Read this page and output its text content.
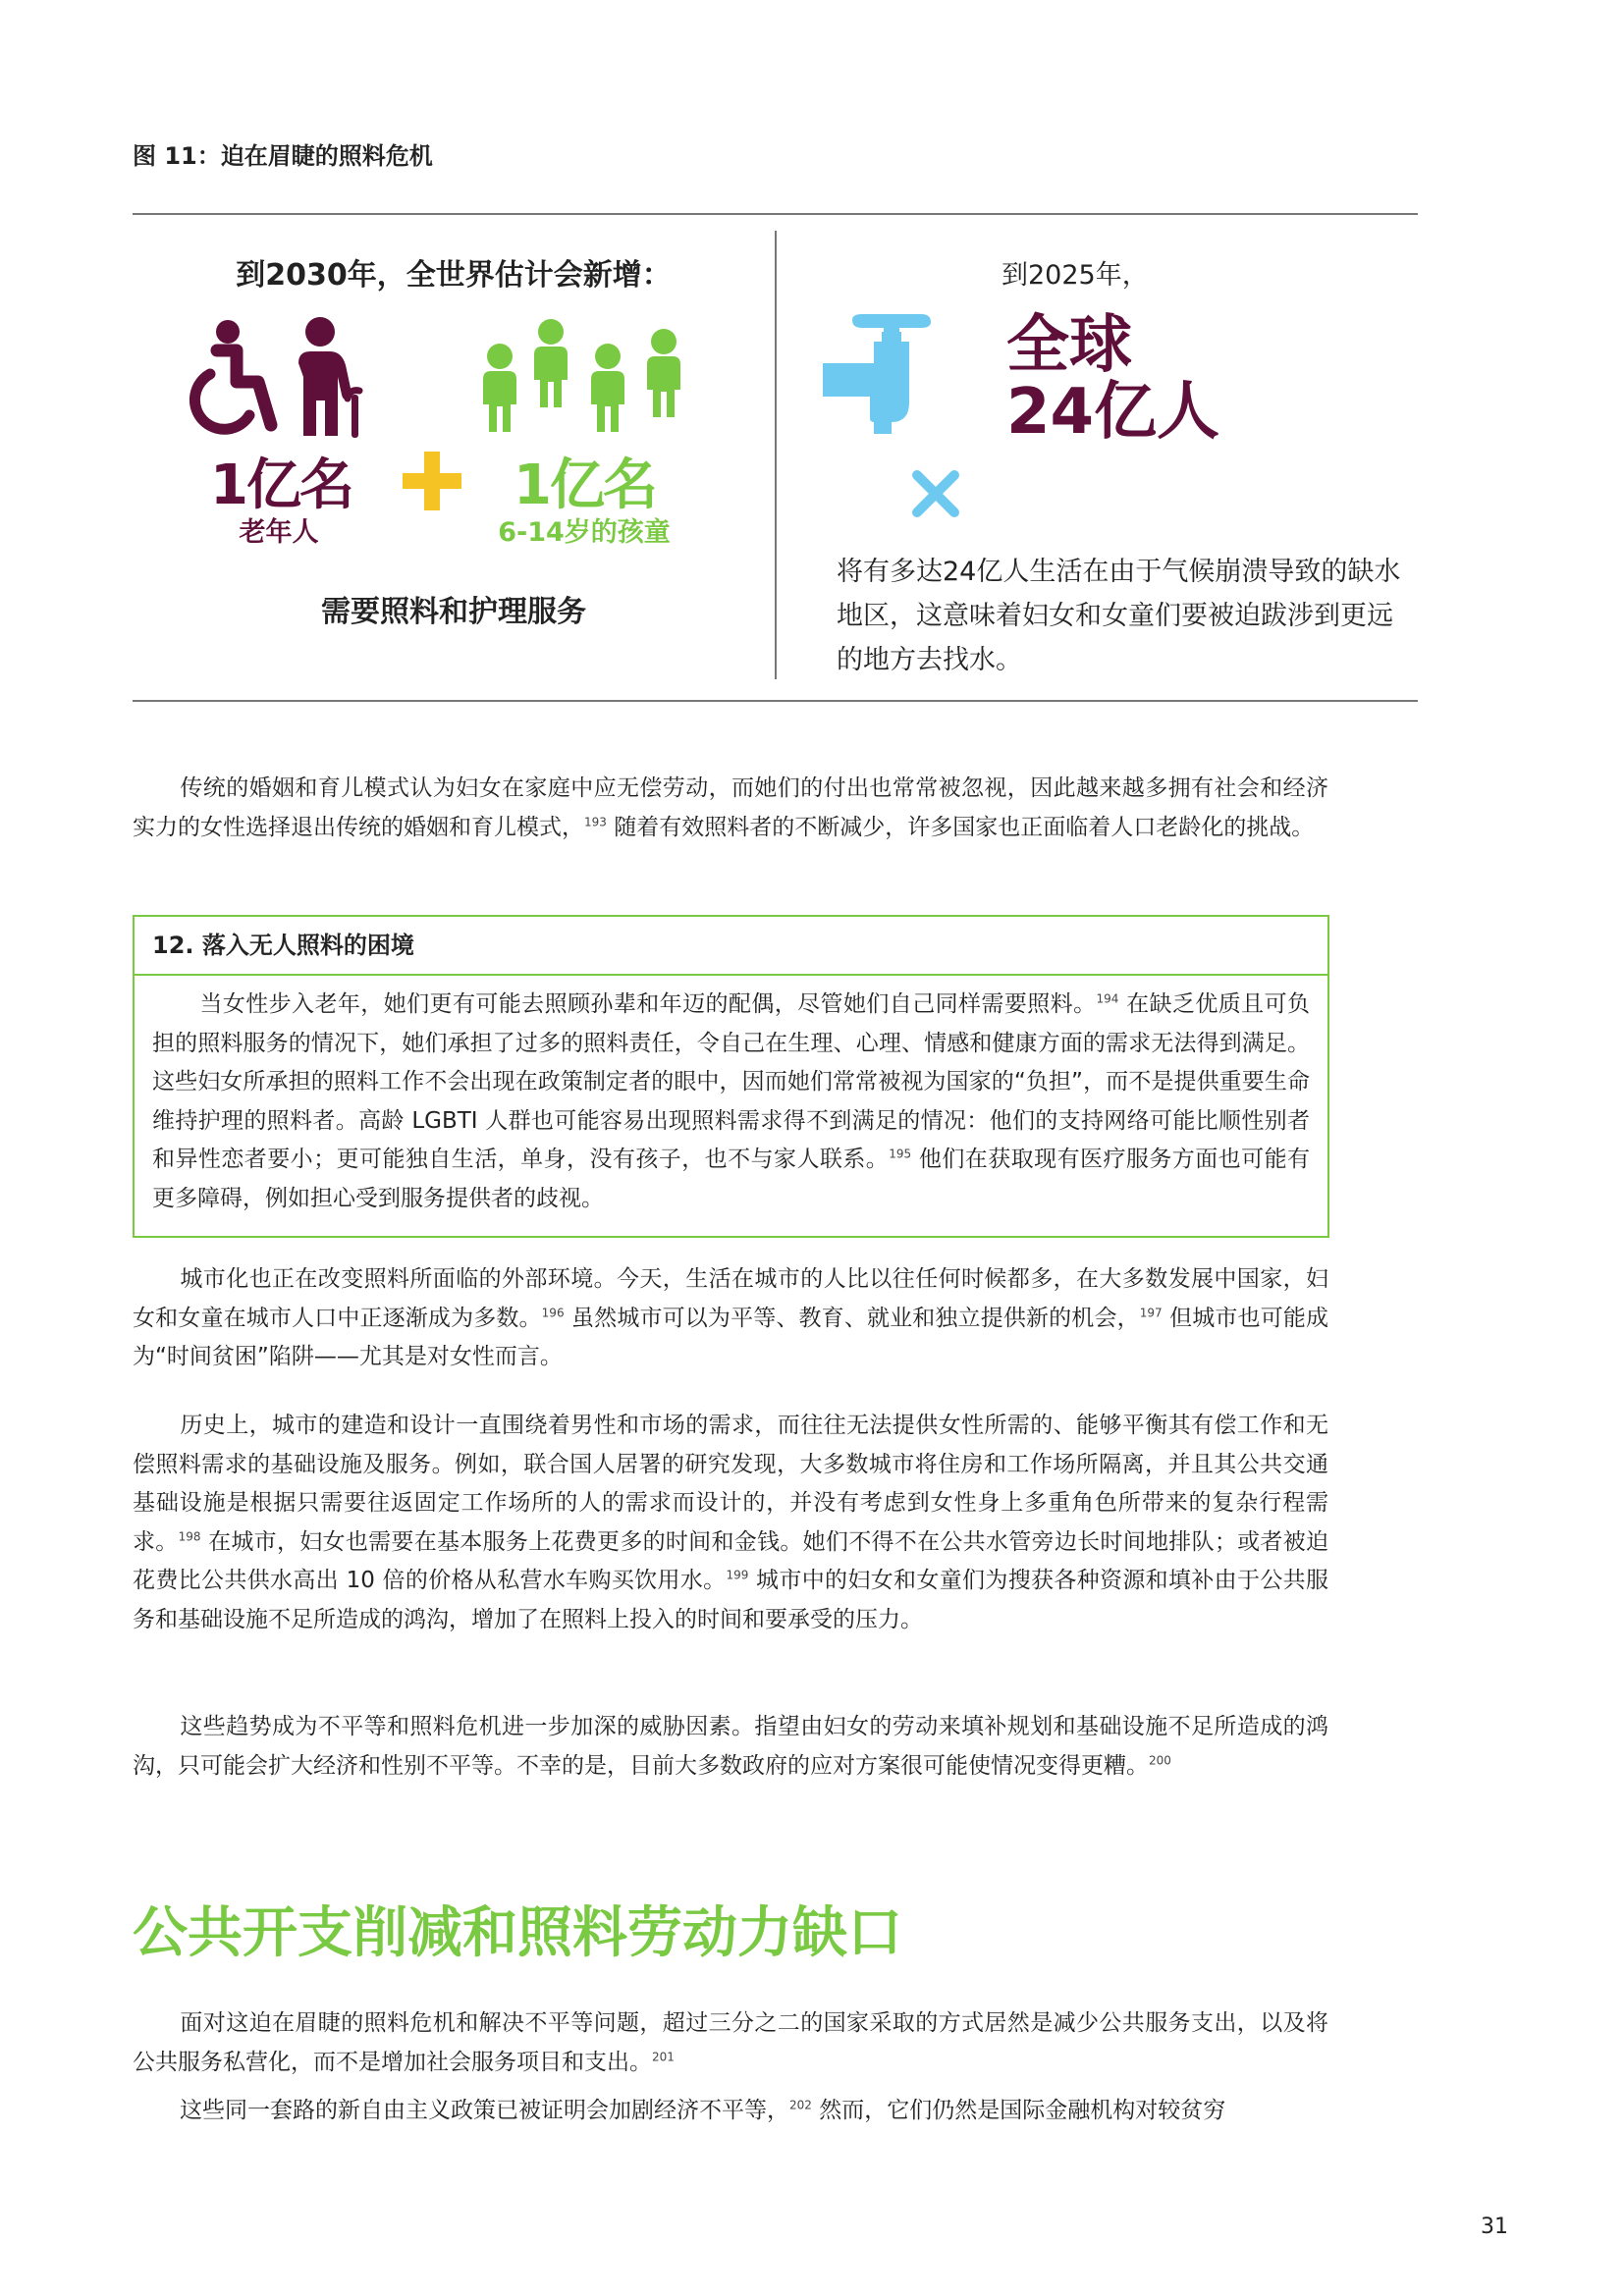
图 11：迫在眉睫的照料危机
到2030年，全世界估计会新增：
1亿名
老年人
1亿名
6-14岁的孩童
需要照料和护理服务
到2025年，
全球
24亿人
将有多达24亿人生活在由于气候崩溃导致的缺水地区，这意味着妇女和女童们要被迫跋涉到更远的地方去找水。
传统的婚姻和育儿模式认为妇女在家庭中应无偿劳动，而她们的付出也常常被忽视，因此越来越多拥有社会和经济实力的女性选择退出传统的婚姻和育儿模式，$^{193}$ 随着有效照料者的不断减少，许多国家也正面临着人口老龄化的挑战。
12. 落入无人照料的困境
当女性步入老年，她们更有可能去照顾孙辈和年迈的配偶，尽管她们自己同样需要照料。$^{194}$ 在缺乏优质且可负担的照料服务的情况下，她们承担了过多的照料责任，令自己在生理、心理、情感和健康方面的需求无法得到满足。这些妇女所承担的照料工作不会出现在政策制定者的眼中，因而她们常常被视为国家的“负担”，而不是提供重要生命维持护理的照料者。高龄 LGBTI 人群也可能容易出现照料需求得不到满足的情况：他们的支持网络可能比顺性别者和异性恋者要小；更可能独自生活，单身，没有孩子，也不与家人联系。$^{195}$ 他们在获取现有医疗服务方面也可能有更多障碍，例如担心受到服务提供者的歧视。
城市化也正在改变照料所面临的外部环境。今天，生活在城市的人比以往任何时候都多，在大多数发展中国家，妇女和女童在城市人口中正逐渐成为多数。$^{196}$ 虽然城市可以为平等、教育、就业和独立提供新的机会，$^{197}$ 但城市也可能成为“时间贫困”陷阱——尤其是对女性而言。
历史上，城市的建造和设计一直围绕着男性和市场的需求，而往往无法提供女性所需的、能够平衡其有偿工作和无偿照料需求的基础设施及服务。例如，联合国人居署的研究发现，大多数城市将住房和工作场所隔离，并且其公共交通基础设施是根据只需要往返固定工作场所的人的需求而设计的，并没有考虑到女性身上多重角色所带来的复杂行程需求。$^{198}$ 在城市，妇女也需要在基本服务上花费更多的时间和金钱。她们不得不在公共水管旁边长时间地排队；或者被迫花费比公共供水高出 10 倍的价格从私营水车购买饮用水。$^{199}$ 城市中的妇女和女童们为搜获各种资源和填补由于公共服务和基础设施不足所造成的鸿沟，增加了在照料上投入的时间和要承受的压力。
这些趋势成为不平等和照料危机进一步加深的威胁因素。指望由妇女的劳动来填补规划和基础设施不足所造成的鸿沟，只可能会扩大经济和性别不平等。不幸的是，目前大多数政府的应对方案很可能使情况变得更糟。$^{200}$
公共开支削减和照料劳动力缺口
面对这迫在眉睫的照料危机和解决不平等问题，超过三分之二的国家采取的方式居然是减少公共服务支出，以及将公共服务私营化，而不是增加社会服务项目和支出。$^{201}$
这些同一套路的新自由主义政策已被证明会加剧经济不平等，$^{202}$ 然而，它们仍然是国际金融机构对较贫穷
31
